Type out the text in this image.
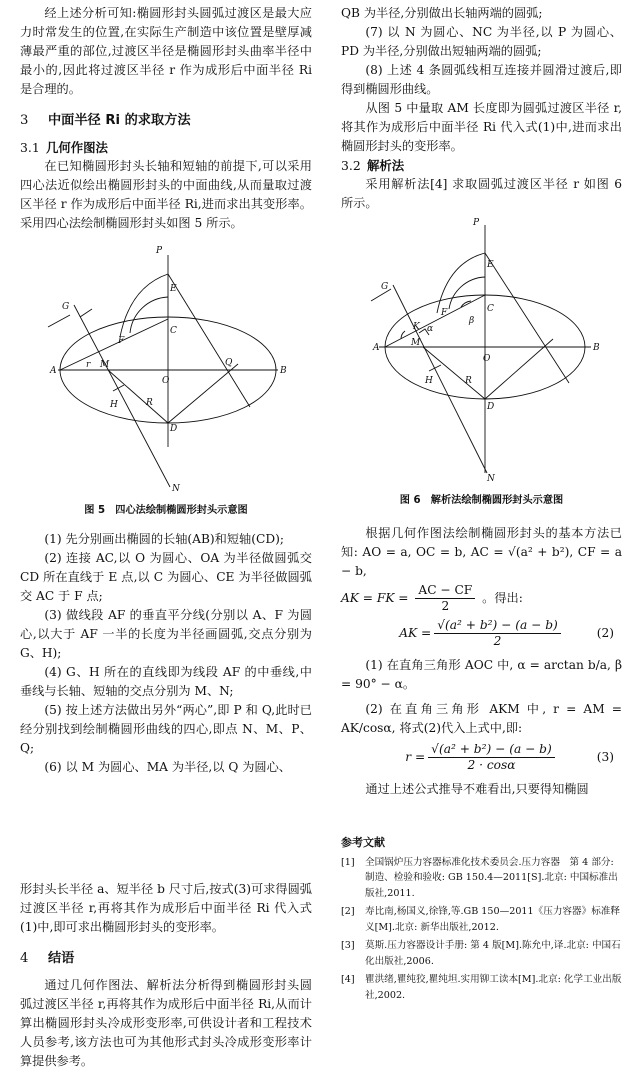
经上述分析可知:椭圆形封头圆弧过渡区是最大应力时常发生的位置,在实际生产制造中该位置是壁厚减薄最严重的部位,过渡区半径是椭圆形封头曲率半径中最小的,因此将过渡区半径 r 作为成形后中面半径 Ri 是合理的。

3 中面半径 Ri 的求取方法
3.1 几何作图法

在已知椭圆形封头长轴和短轴的前提下,可以采用四心法近似绘出椭圆形封头的中面曲线,从而量取过渡区半径 r 作为成形后中面半径 Ri,进而求出其变形率。采用四心法绘制椭圆形封头如图 5 所示。

P
E
G
F
C
A
M
r
O
Q
B
R
D
H
N
图 5　四心法绘制椭圆形封头示意图

(1) 先分别画出椭圆的长轴(AB)和短轴(CD);

(2) 连接 AC,以 O 为圆心、OA 为半径做圆弧交 CD 所在直线于 E 点,以 C 为圆心、CE 为半径做圆弧交 AC 于 F 点;

(3) 做线段 AF 的垂直平分线(分别以 A、F 为圆心,以大于 AF 一半的长度为半径画圆弧,交点分别为 G、H);

(4) G、H 所在的直线即为线段 AF 的中垂线,中垂线与长轴、短轴的交点分别为 M、N;

(5) 按上述方法做出另外“两心”,即 P 和 Q,此时已经分别找到绘制椭圆形曲线的四心,即点 N、M、P、Q;

(6) 以 M 为圆心、MA 为半径,以 Q 为圆心、

QB 为半径,分别做出长轴两端的圆弧;

(7) 以 N 为圆心、NC 为半径,以 P 为圆心、PD 为半径,分别做出短轴两端的圆弧;

(8) 上述 4 条圆弧线相互连接并圆滑过渡后,即得到椭圆形曲线。

从图 5 中量取 AM 长度即为圆弧过渡区半径 r,将其作为成形后中面半径 Ri 代入式(1)中,进而求出椭圆形封头的变形率。

3.2 解析法

采用解析法[4] 求取圆弧过渡区半径 r 如图 6 所示。

P
E
G
C
β
F
α
K
A	M
O
B
H	R
D
N
图 6　解析法绘制椭圆形封头示意图

根据几何作图法绘制椭圆形封头的基本方法已知: AO = a, OC = b, AC = √(a² + b²), CF = a − b,

AK = FK = $\frac{AC - CF}{2}$ 。得出:

AK = $\frac{\text{√(a² + b²) − (a − b)}}{2}$	(2)

(1) 在直角三角形 AOC 中, α = arctan b/a, β = 90° − α。

(2) 在直角三角形 AKM 中, r = AM = AK/cosα, 将式(2)代入上式中,即:

$r = \frac{\text{√(a² + b²) − (a − b)}}{2 \cdot \cos\alpha}$	(3)

通过上述公式推导不难看出,只要得知椭圆

参考文献
[1]	全国锅炉压力容器标准化技术委员会.压力容器　第 4 部分: 制造、检验和验收: GB 150.4—2011[S].北京: 中国标准出版社,2011.
[2]	寿比南,杨国义,徐锋,等.GB 150—2011《压力容器》标准释义[M].北京: 新华出版社,2012.
[3]	莫斯.压力容器设计手册: 第 4 版[M].陈允中,译.北京: 中国石化出版社,2006.
[4]	瞿洪绪,瞿纯狡,瞿纯坦.实用铆工读本[M].北京: 化学工业出版社,2002.

形封头长半径 a、短半径 b 尺寸后,按式(3)可求得圆弧过渡区半径 r,再将其作为成形后中面半径 Ri 代入式(1)中,即可求出椭圆形封头的变形率。

4 结语

通过几何作图法、解析法分析得到椭圆形封头圆弧过渡区半径 r,再将其作为成形后中面半径 Ri,从而计算出椭圆形封头冷成形变形率,可供设计者和工程技术人员参考,该方法也可为其他形式封头冷成形变形率计算提供参考。
